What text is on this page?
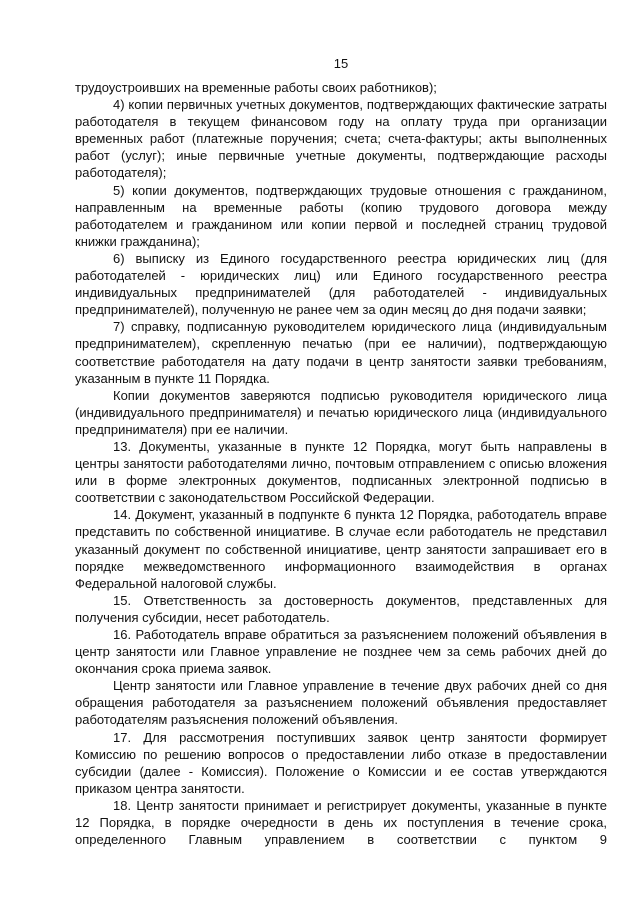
15

трудоустроивших на временные работы своих работников);

4) копии первичных учетных документов, подтверждающих фактические затраты работодателя в текущем финансовом году на оплату труда при организации временных работ (платежные поручения; счета; счета-фактуры; акты выполненных работ (услуг); иные первичные учетные документы, подтверждающие расходы работодателя);

5) копии документов, подтверждающих трудовые отношения с гражданином, направленным на временные работы (копию трудового договора между работодателем и гражданином или копии первой и последней страниц трудовой книжки гражданина);

6) выписку из Единого государственного реестра юридических лиц (для работодателей - юридических лиц) или Единого государственного реестра индивидуальных предпринимателей (для работодателей - индивидуальных предпринимателей), полученную не ранее чем за один месяц до дня подачи заявки;

7) справку, подписанную руководителем юридического лица (индивидуальным предпринимателем), скрепленную печатью (при ее наличии), подтверждающую соответствие работодателя на дату подачи в центр занятости заявки требованиям, указанным в пункте 11 Порядка.

Копии документов заверяются подписью руководителя юридического лица (индивидуального предпринимателя) и печатью юридического лица (индивидуального предпринимателя) при ее наличии.

13. Документы, указанные в пункте 12 Порядка, могут быть направлены в центры занятости работодателями лично, почтовым отправлением с описью вложения или в форме электронных документов, подписанных электронной подписью в соответствии с законодательством Российской Федерации.

14. Документ, указанный в подпункте 6 пункта 12 Порядка, работодатель вправе представить по собственной инициативе. В случае если работодатель не представил указанный документ по собственной инициативе, центр занятости запрашивает его в порядке межведомственного информационного взаимодействия в органах Федеральной налоговой службы.

15. Ответственность за достоверность документов, представленных для получения субсидии, несет работодатель.

16. Работодатель вправе обратиться за разъяснением положений объявления в центр занятости или Главное управление не позднее чем за семь рабочих дней до окончания срока приема заявок.

Центр занятости или Главное управление в течение двух рабочих дней со дня обращения работодателя за разъяснением положений объявления предоставляет работодателям разъяснения положений объявления.

17. Для рассмотрения поступивших заявок центр занятости формирует Комиссию по решению вопросов о предоставлении либо отказе в предоставлении субсидии (далее - Комиссия). Положение о Комиссии и ее состав утверждаются приказом центра занятости.

18. Центр занятости принимает и регистрирует документы, указанные в пункте 12 Порядка, в порядке очередности в день их поступления в течение срока, определенного Главным управлением в соответствии с пунктом 9
